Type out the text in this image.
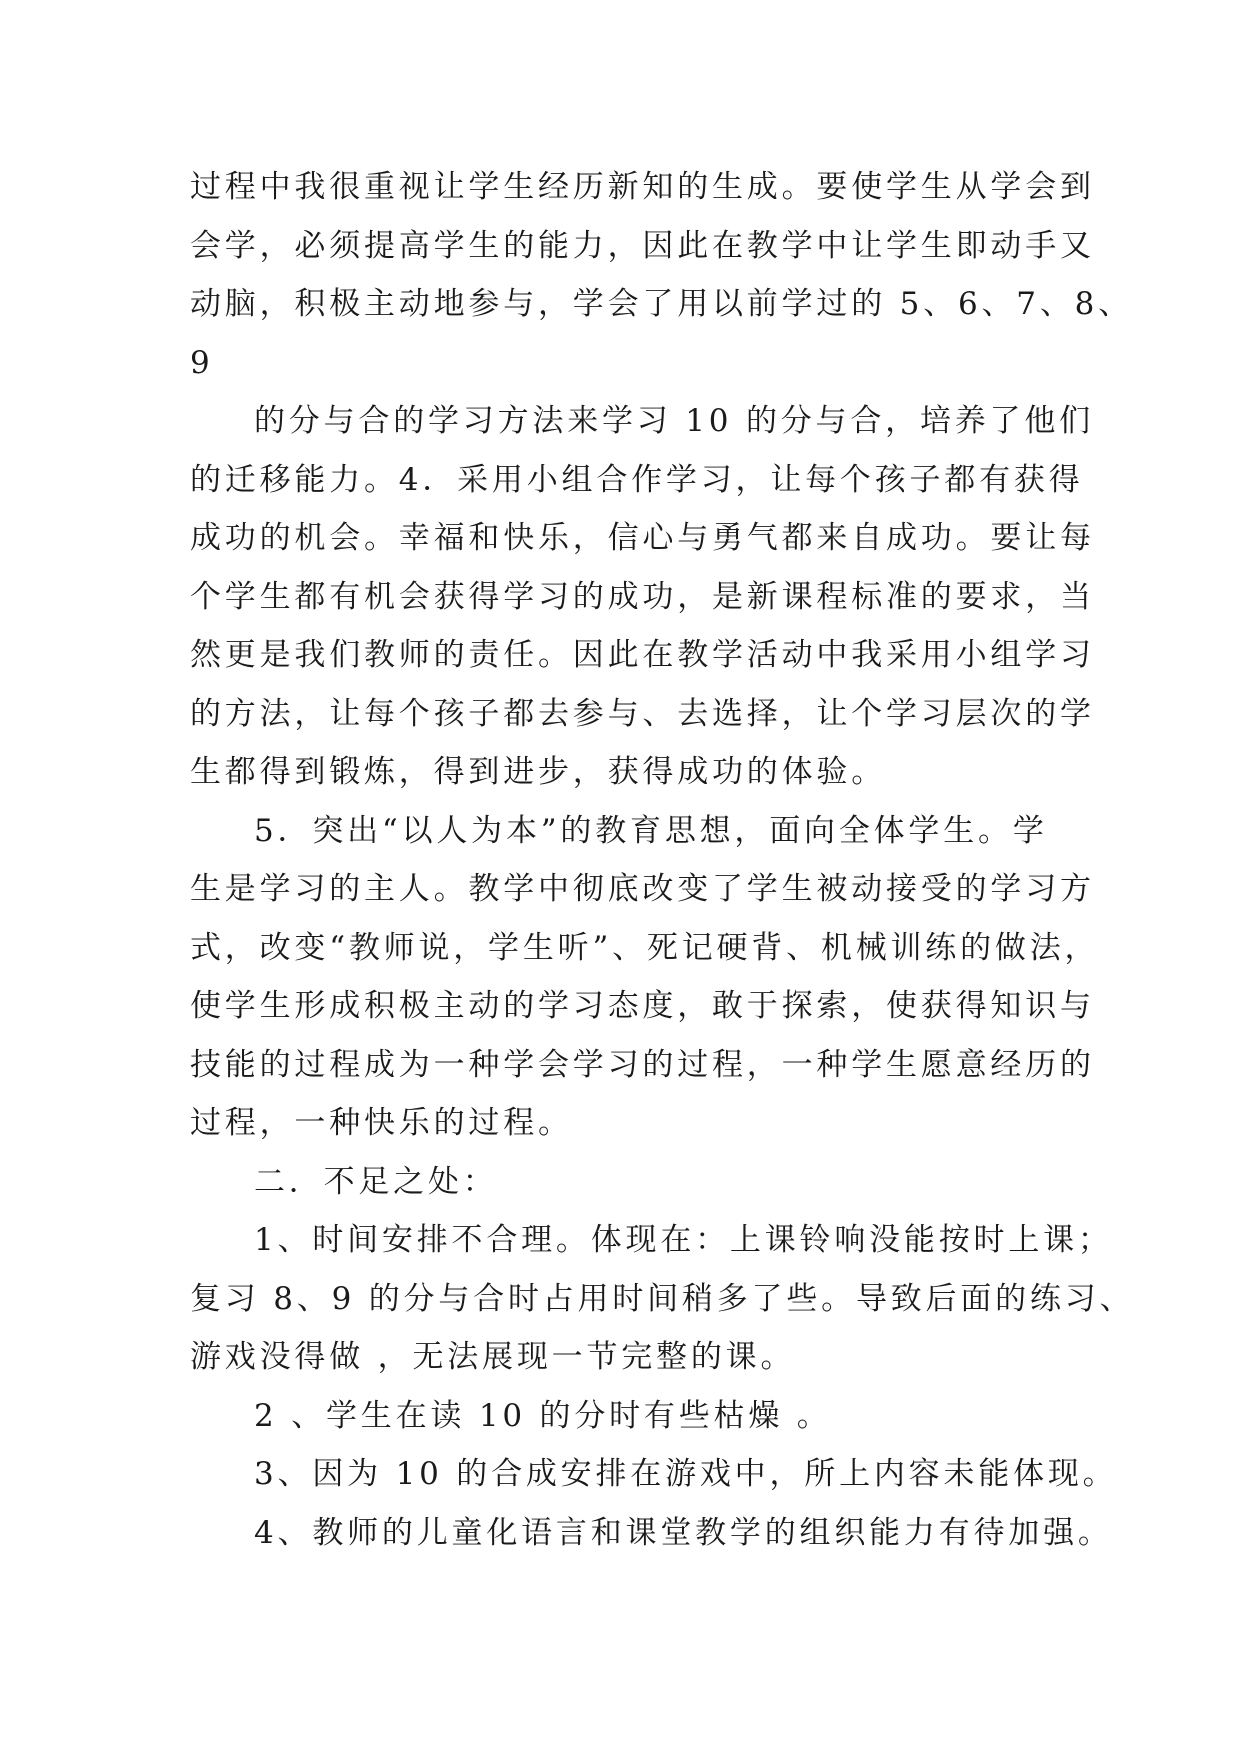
过程中我很重视让学生经历新知的生成。要使学生从学会到
会学，必须提高学生的能力，因此在教学中让学生即动手又
动脑，积极主动地参与，学会了用以前学过的 5、6、7、8、
9
的分与合的学习方法来学习 10 的分与合，培养了他们
的迁移能力。4．采用小组合作学习，让每个孩子都有获得
成功的机会。幸福和快乐，信心与勇气都来自成功。要让每
个学生都有机会获得学习的成功，是新课程标准的要求，当
然更是我们教师的责任。因此在教学活动中我采用小组学习
的方法，让每个孩子都去参与、去选择，让个学习层次的学
生都得到锻炼，得到进步，获得成功的体验。
5．突出“以人为本”的教育思想，面向全体学生。学
生是学习的主人。教学中彻底改变了学生被动接受的学习方
式，改变“教师说，学生听”、死记硬背、机械训练的做法，
使学生形成积极主动的学习态度，敢于探索，使获得知识与
技能的过程成为一种学会学习的过程，一种学生愿意经历的
过程，一种快乐的过程。
二．不足之处：
1、时间安排不合理。体现在：上课铃响没能按时上课；
复习 8、9 的分与合时占用时间稍多了些。导致后面的练习、
游戏没得做 ，无法展现一节完整的课。
2 、学生在读 10 的分时有些枯燥 。
3、因为 10 的合成安排在游戏中，所上内容未能体现。
4、教师的儿童化语言和课堂教学的组织能力有待加强。
